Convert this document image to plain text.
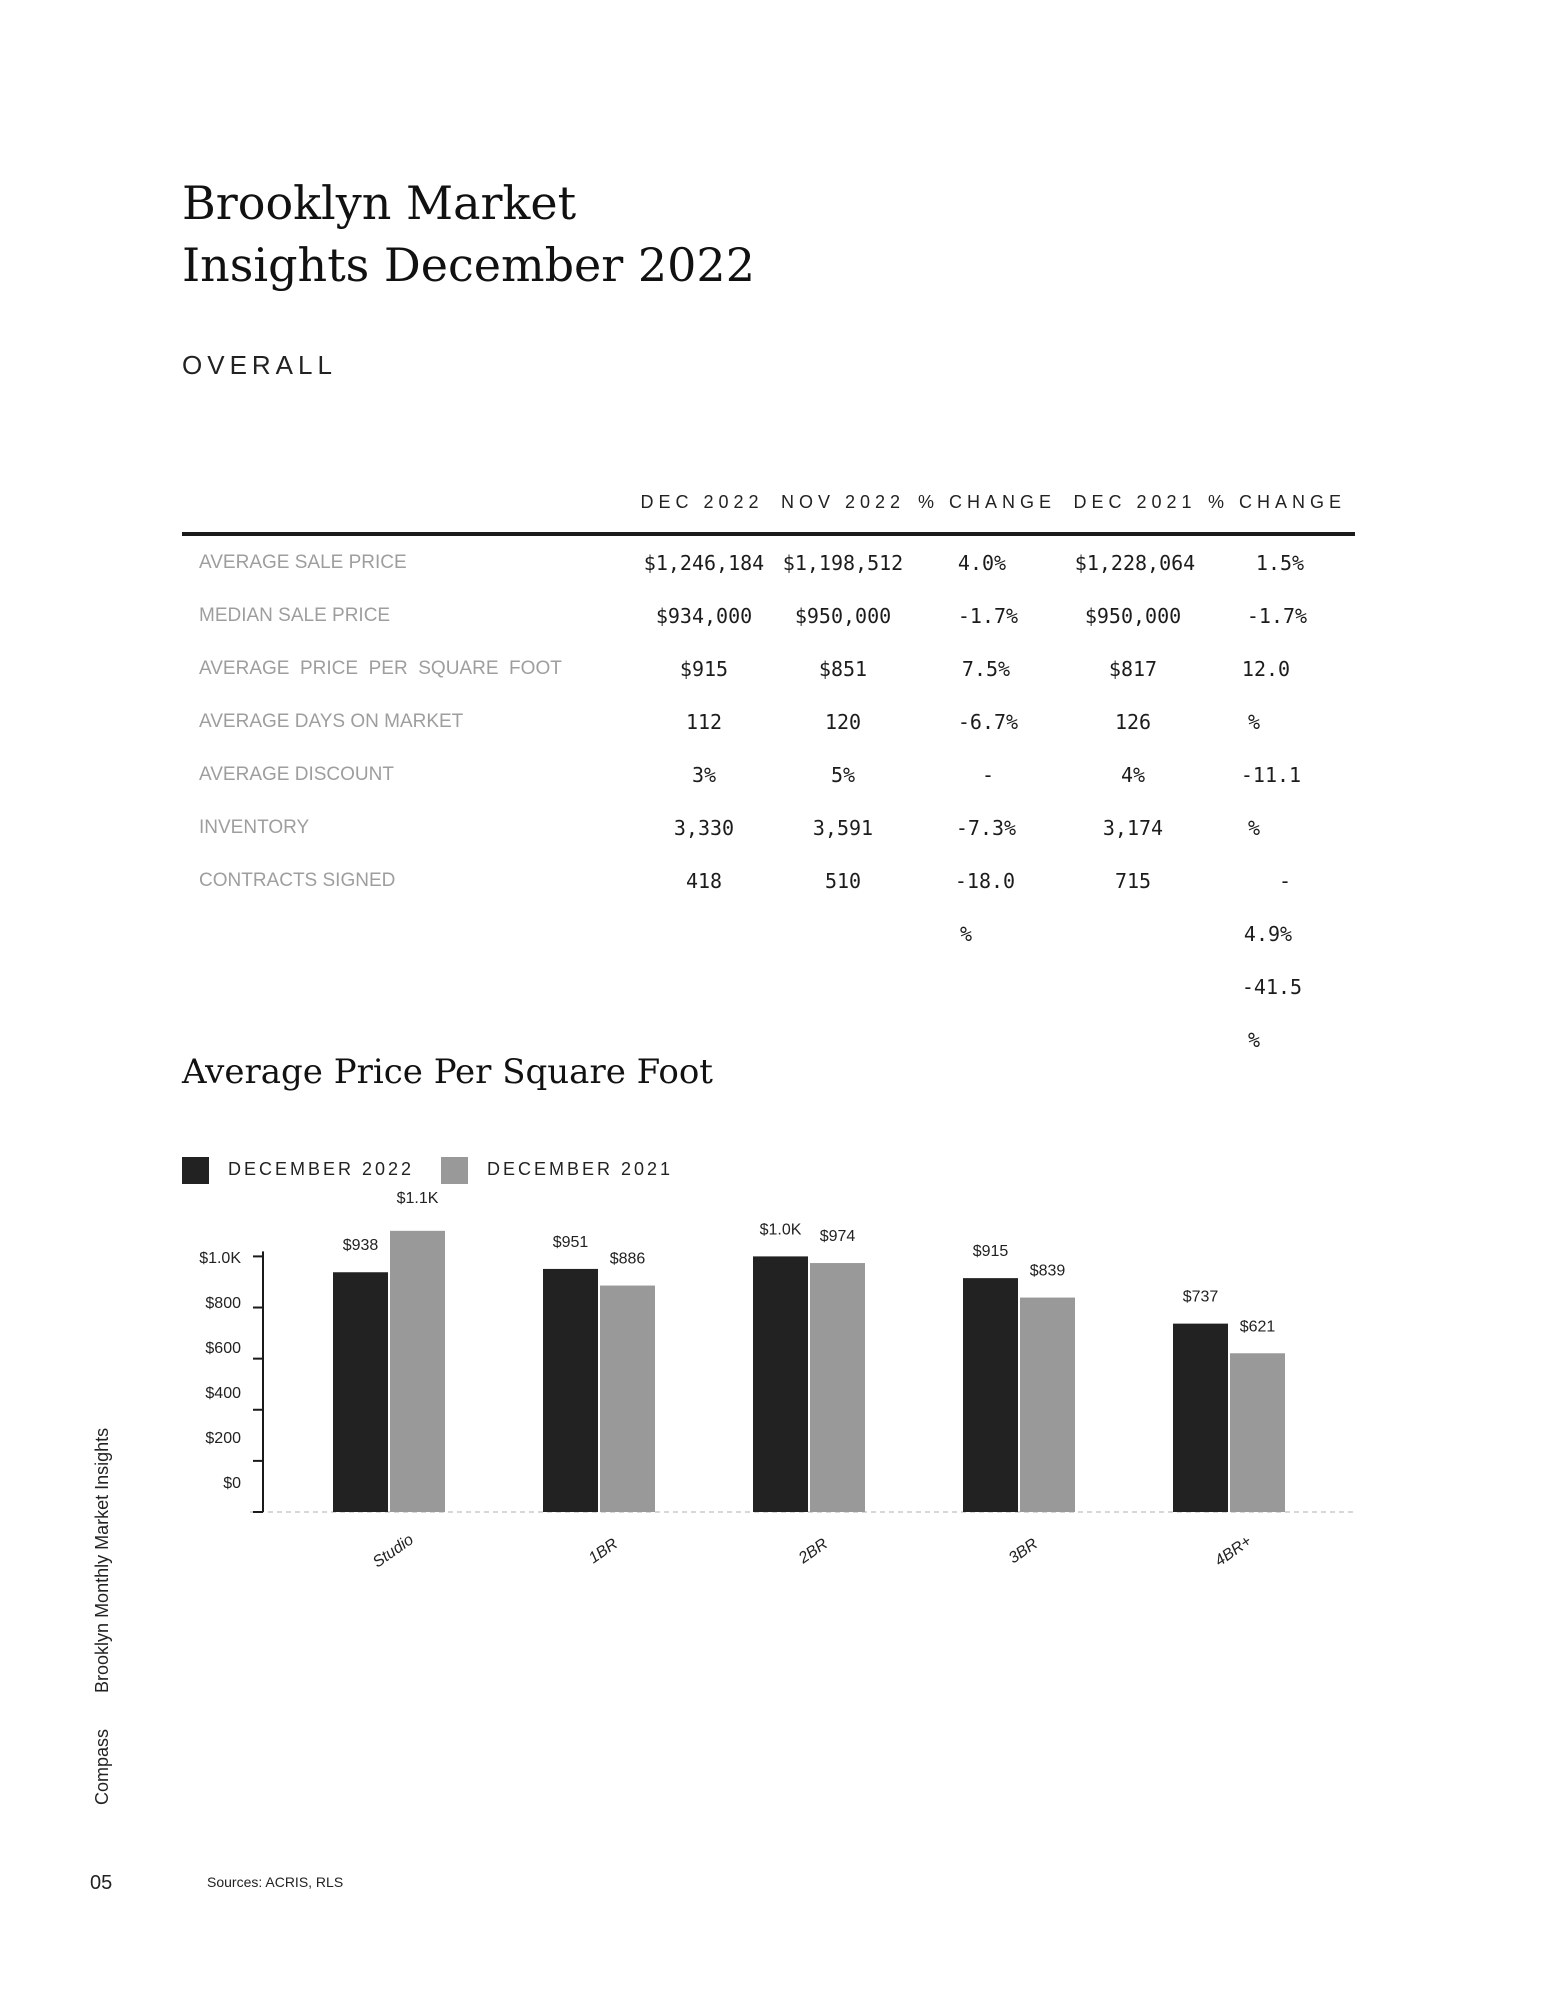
Brooklyn Market
Insights December 2022
OVERALL
DEC 2022 NOV 2022 % CHANGE DEC 2021 % CHANGE
AVERAGE SALE PRICE
MEDIAN SALE PRICE
AVERAGE  PRICE  PER  SQUARE  FOOT
AVERAGE DAYS ON MARKET
AVERAGE DISCOUNT
INVENTORY
CONTRACTS SIGNED
$1,246,184
$934,000
$915
112
3%
3,330
418
$1,198,512
$950,000
$851
120
5%
3,591
510
4.0%
-1.7%
7.5%
-6.7%
-
-7.3%
-18.0
%
$1,228,064
$950,000
$817
126
4%
3,174
715
1.5%
-1.7%
12.0
%
-11.1
%
-
4.9%
-41.5
%
Average Price Per Square Foot
DECEMBER 2022	DECEMBER 2021
$0
$200
$400
$600
$800
$1.0K
$938
$1.1K
Studio
$951
$886
1BR
$1.0K $974
2BR
$915
$839
3BR
$737
$621
4BR+
CompassBrooklyn Monthly Market Insights
05	Sources: ACRIS, RLS
